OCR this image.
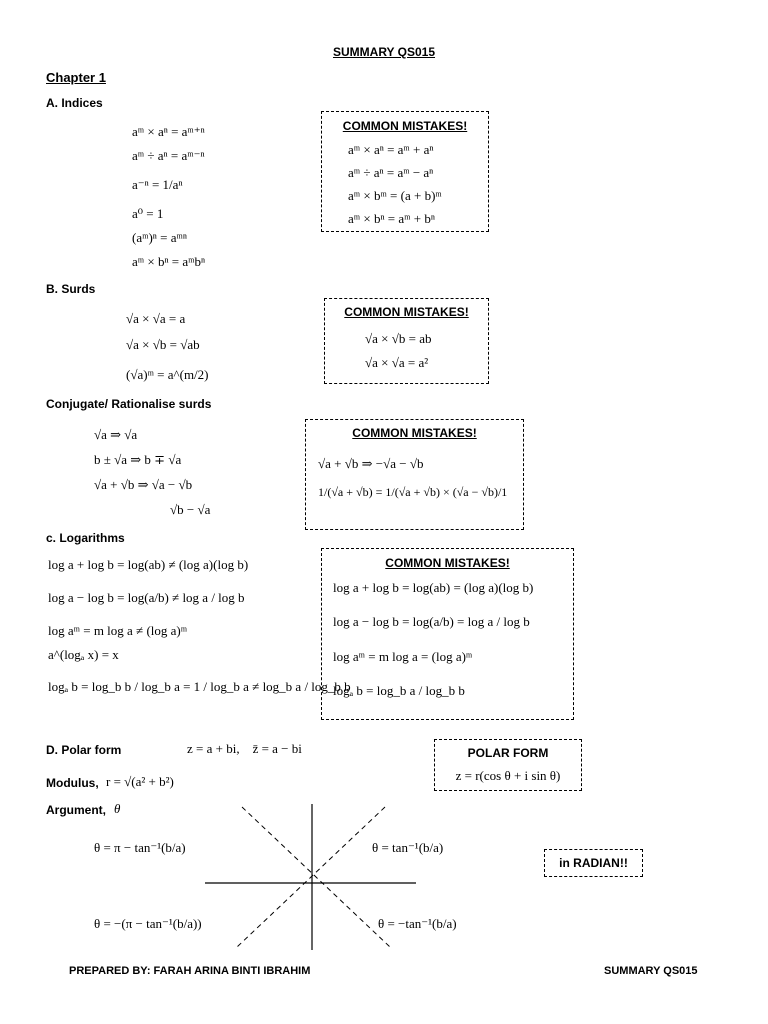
SUMMARY QS015
Chapter 1
A. Indices
aᵐ × aⁿ = aᵐ⁺ⁿ
aᵐ ÷ aⁿ = aᵐ⁻ⁿ
a⁻ⁿ = 1/aⁿ
a⁰ = 1
(aᵐ)ⁿ = aᵐⁿ
aᵐ × bⁿ = aᵐbⁿ
COMMON MISTAKES!
aᵐ × aⁿ = aᵐ + aⁿ
aᵐ ÷ aⁿ = aᵐ − aⁿ
aᵐ × bᵐ = (a + b)ᵐ
aᵐ × bⁿ = aᵐ + bⁿ
B. Surds
√a × √a = a
√a × √b = √ab
(√a)ᵐ = a^(m/2)
COMMON MISTAKES!
√a × √b = ab
√a × √a = a²
Conjugate/ Rationalise surds
√a ⇒ √a
b ± √a ⇒ b ∓ √a
√a + √b ⇒ √a − √b
√b − √a
COMMON MISTAKES!
√a + √b ⇒ −√a − √b
1/(√a + √b) = 1/(√a + √b) × (√a − √b)/1
c. Logarithms
log a + log b = log(ab) ≠ (log a)(log b)
log a − log b = log(a/b) ≠ log a / log b
log aᵐ = m log a ≠ (log a)ᵐ
a^(logₐ x) = x
logₐ b = log_b b / log_b a = 1 / log_b a ≠ log_b a / log_b b
COMMON MISTAKES!
log a + log b = log(ab) = (log a)(log b)
log a − log b = log(a/b) = log a / log b
log aᵐ = m log a = (log a)ᵐ
logₐ b = log_b a / log_b b
D. Polar form	z = a + bi,    z̄ = a − bi	POLAR FORM
z = r(cos θ + i sin θ)
Modulus, r = √(a² + b²)
Argument, θ
θ = π − tan⁻¹(b/a)	θ = tan⁻¹(b/a)
θ = −(π − tan⁻¹(b/a))	θ = −tan⁻¹(b/a)
in RADIAN!!
PREPARED BY: FARAH ARINA BINTI IBRAHIM	SUMMARY QS015
